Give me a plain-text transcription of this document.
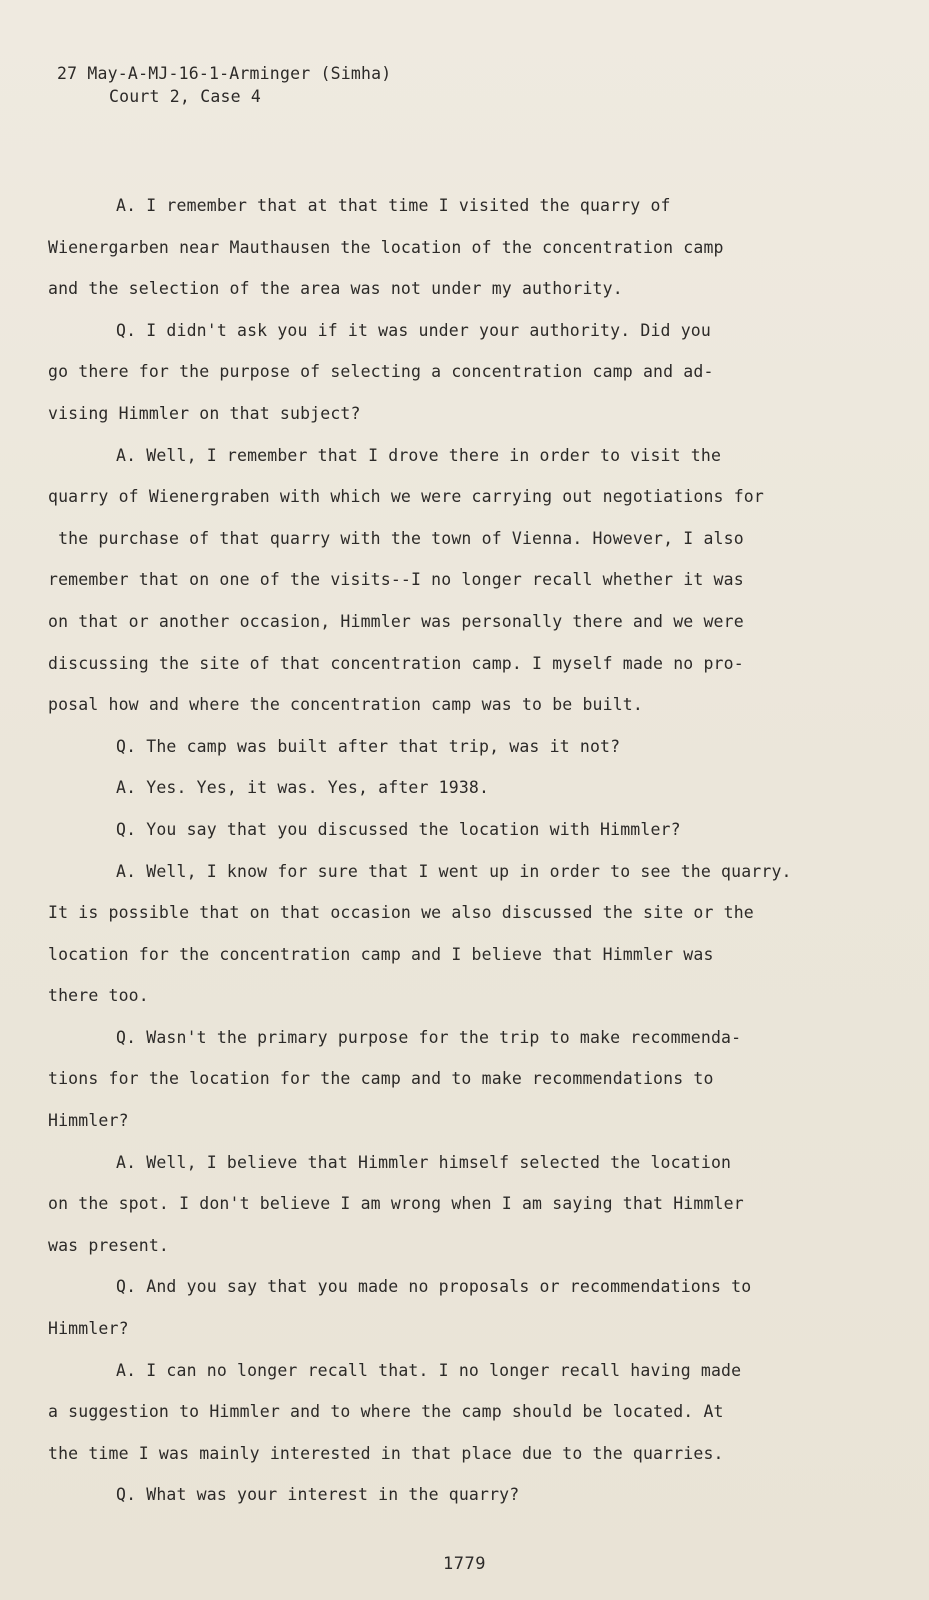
27 May-A-MJ-16-1-Arminger (Simha)
Court 2, Case 4
A. I remember that at that time I visited the quarry of
Wienergarben near Mauthausen the location of the concentration camp
and the selection of the area was not under my authority.
Q. I didn't ask you if it was under your authority. Did you
go there for the purpose of selecting a concentration camp and ad-
vising Himmler on that subject?
A. Well, I remember that I drove there in order to visit the
quarry of Wienergraben with which we were carrying out negotiations for
the purchase of that quarry with the town of Vienna. However, I also
remember that on one of the visits--I no longer recall whether it was
on that or another occasion, Himmler was personally there and we were
discussing the site of that concentration camp. I myself made no pro-
posal how and where the concentration camp was to be built.
Q. The camp was built after that trip, was it not?
A. Yes. Yes, it was. Yes, after 1938.
Q. You say that you discussed the location with Himmler?
A. Well, I know for sure that I went up in order to see the quarry.
It is possible that on that occasion we also discussed the site or the
location for the concentration camp and I believe that Himmler was
there too.
Q. Wasn't the primary purpose for the trip to make recommenda-
tions for the location for the camp and to make recommendations to
Himmler?
A. Well, I believe that Himmler himself selected the location
on the spot. I don't believe I am wrong when I am saying that Himmler
was present.
Q. And you say that you made no proposals or recommendations to
Himmler?
A. I can no longer recall that. I no longer recall having made
a suggestion to Himmler and to where the camp should be located. At
the time I was mainly interested in that place due to the quarries.
Q. What was your interest in the quarry?
1779
